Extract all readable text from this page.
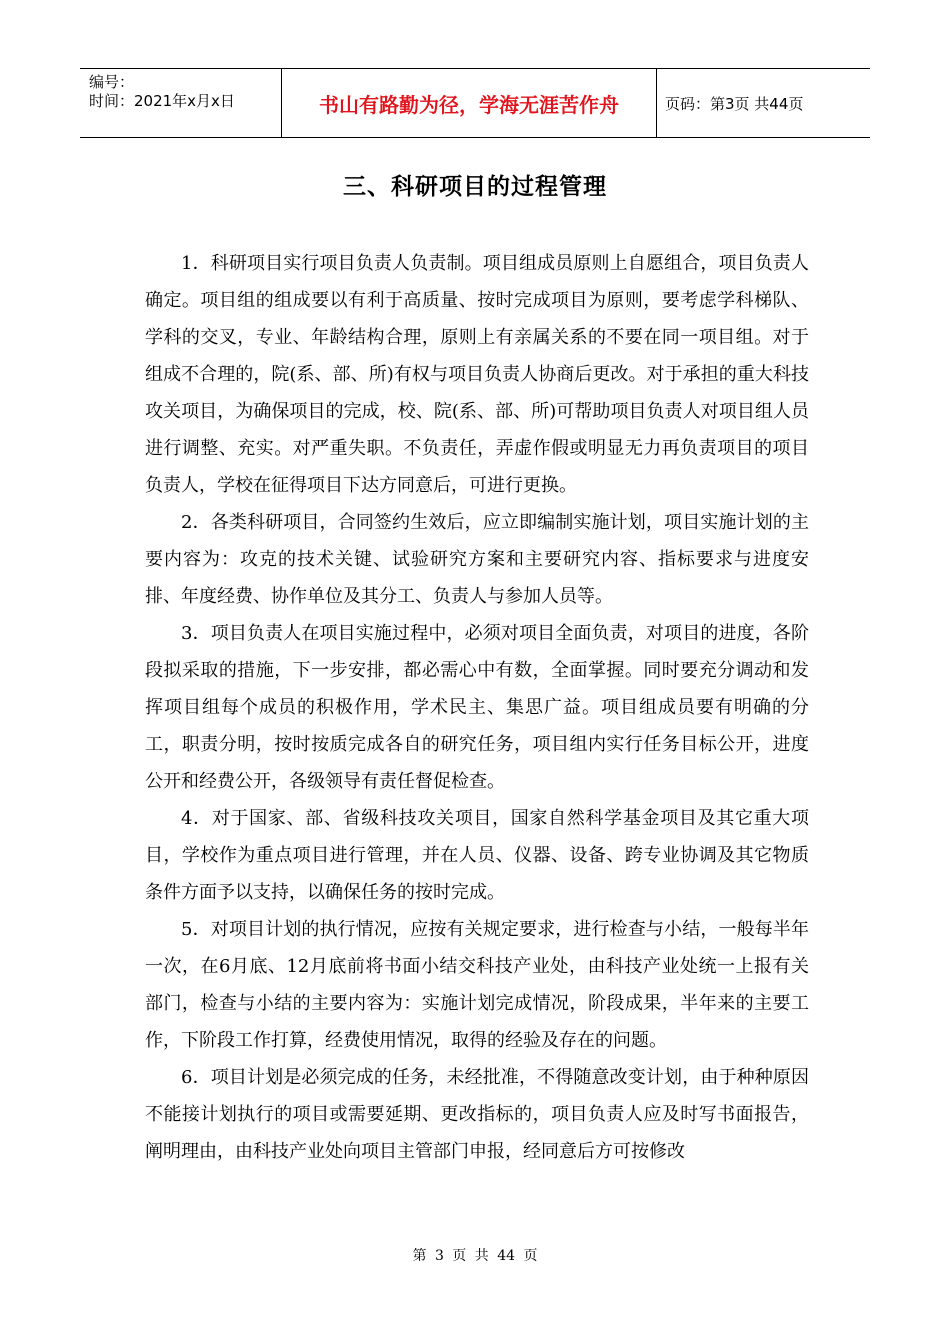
编号：
时间：2021年x月x日	书山有路勤为径，学海无涯苦作舟	页码：第3页 共44页
三、科研项目的过程管理

1．科研项目实行项目负责人负责制。项目组成员原则上自愿组合，项目负责人确定。项目组的组成要以有利于高质量、按时完成项目为原则，要考虑学科梯队、学科的交叉，专业、年龄结构合理，原则上有亲属关系的不要在同一项目组。对于组成不合理的，院(系、部、所)有权与项目负责人协商后更改。对于承担的重大科技攻关项目，为确保项目的完成，校、院(系、部、所)可帮助项目负责人对项目组人员进行调整、充实。对严重失职。不负责任，弄虚作假或明显无力再负责项目的项目负责人，学校在征得项目下达方同意后，可进行更换。

2．各类科研项目，合同签约生效后，应立即编制实施计划，项目实施计划的主要内容为：攻克的技术关键、试验研究方案和主要研究内容、指标要求与进度安排、年度经费、协作单位及其分工、负责人与参加人员等。

3．项目负责人在项目实施过程中，必须对项目全面负责，对项目的进度，各阶段拟采取的措施，下一步安排，都必需心中有数，全面掌握。同时要充分调动和发挥项目组每个成员的积极作用，学术民主、集思广益。项目组成员要有明确的分工，职责分明，按时按质完成各自的研究任务，项目组内实行任务目标公开，进度公开和经费公开，各级领导有责任督促检查。

4．对于国家、部、省级科技攻关项目，国家自然科学基金项目及其它重大项目，学校作为重点项目进行管理，并在人员、仪器、设备、跨专业协调及其它物质条件方面予以支持，以确保任务的按时完成。

5．对项目计划的执行情况，应按有关规定要求，进行检查与小结，一般每半年一次，在6月底、12月底前将书面小结交科技产业处，由科技产业处统一上报有关部门，检查与小结的主要内容为：实施计划完成情况，阶段成果，半年来的主要工作，下阶段工作打算，经费使用情况，取得的经验及存在的问题。

6．项目计划是必须完成的任务，未经批准，不得随意改变计划，由于种种原因不能接计划执行的项目或需要延期、更改指标的，项目负责人应及时写书面报告，阐明理由，由科技产业处向项目主管部门申报，经同意后方可按修改

第 3 页 共 44 页
